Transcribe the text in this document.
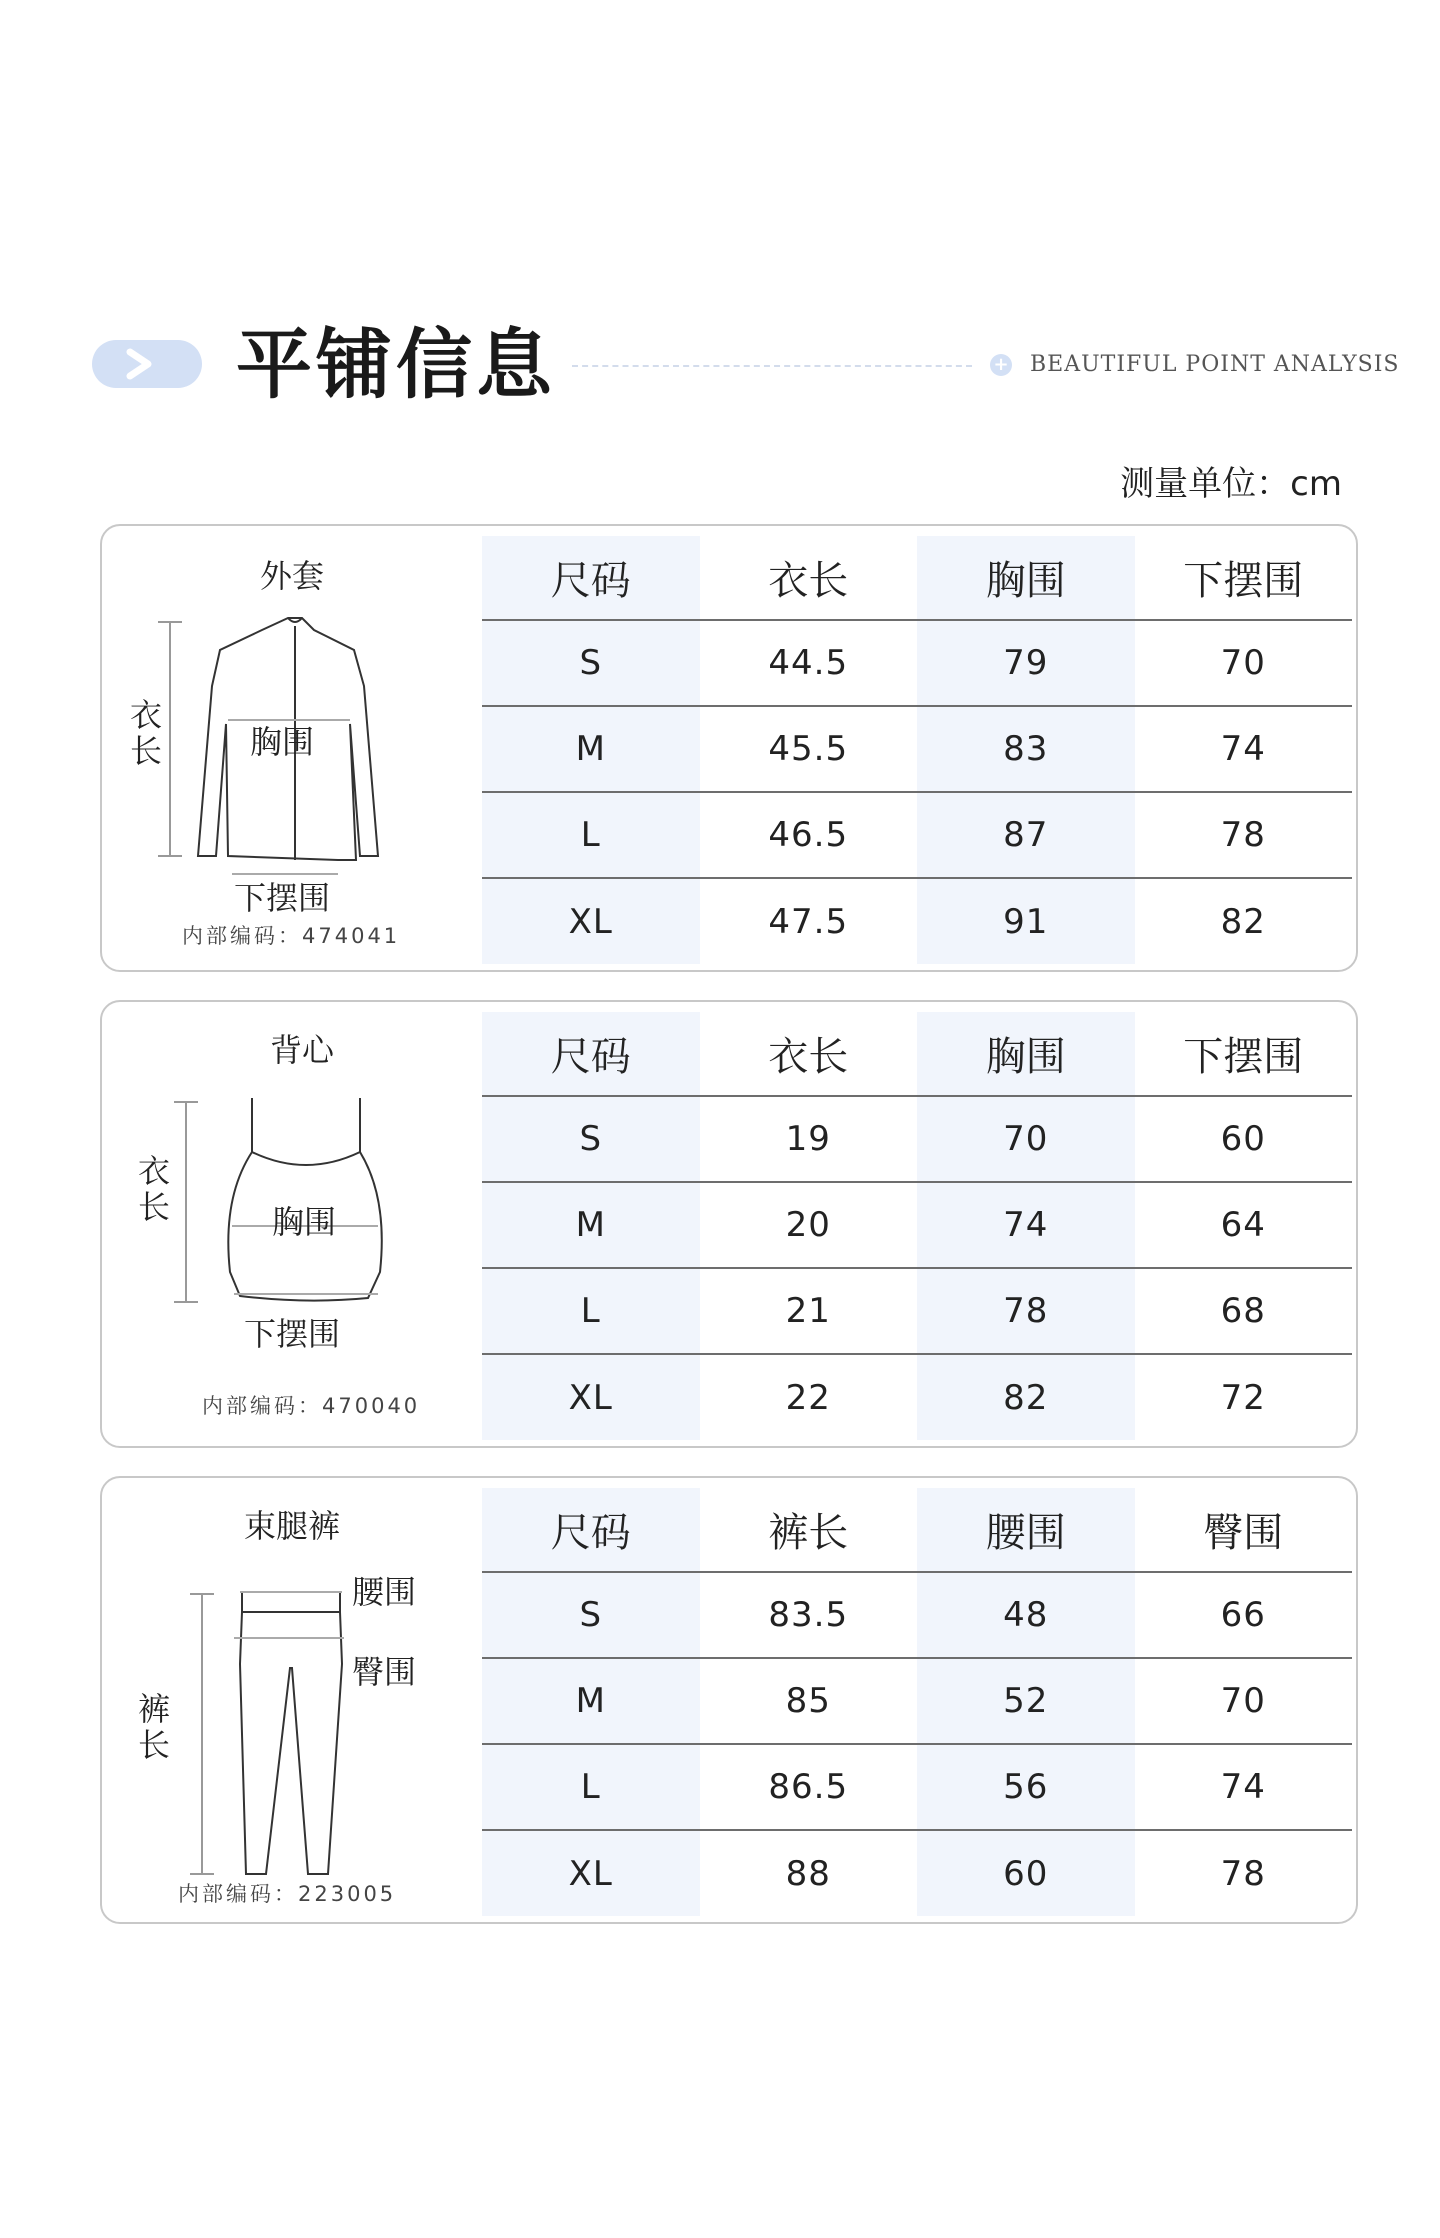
平铺信息	+ BEAUTIFUL POINT ANALYSIS
测量单位：cm
外套
衣长	胸围
下摆围
内部编码：474041
尺码	衣长	胸围	下摆围
S	44.5	79	70
M	45.5	83	74
L	46.5	87	78
XL	47.5	91	82
背心
衣长	胸围
下摆围
内部编码：470040
尺码	衣长	胸围	下摆围
S	19	70	60
M	20	74	64
L	21	78	68
XL	22	82	72
束腿裤
裤长
腰围
臀围
内部编码：223005
尺码	裤长	腰围	臀围
S	83.5	48	66
M	85	52	70
L	86.5	56	74
XL	88	60	78
